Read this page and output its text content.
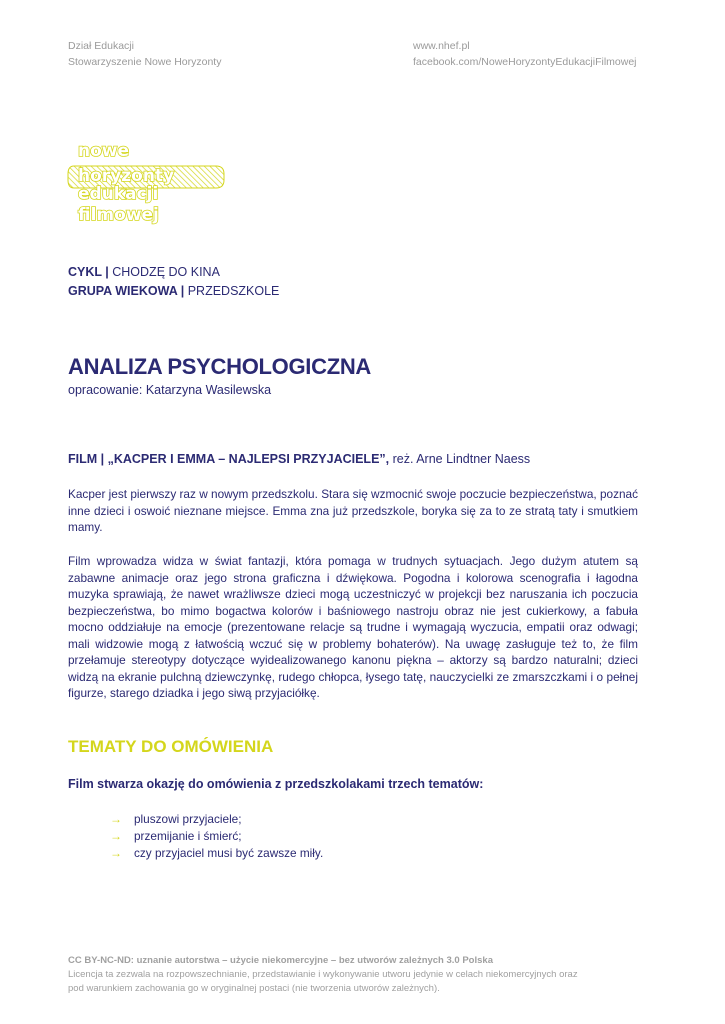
Dział Edukacji
Stowarzyszenie Nowe Horyzonty
www.nhef.pl
facebook.com/NoweHoryzontyEdukacjiFilmowej
nowe
horyzonty
edukacji
filmowej
CYKL | CHODZĘ DO KINA
GRUPA WIEKOWA | PRZEDSZKOLE
ANALIZA PSYCHOLOGICZNA
opracowanie: Katarzyna Wasilewska
FILM | „KACPER I EMMA – NAJLEPSI PRZYJACIELE”, reż. Arne Lindtner Naess
Kacper jest pierwszy raz w nowym przedszkolu. Stara się wzmocnić swoje poczucie bezpieczeństwa, poznać inne dzieci i oswoić nieznane miejsce. Emma zna już przedszkole, boryka się za to ze stratą taty i smutkiem mamy.
Film wprowadza widza w świat fantazji, która pomaga w trudnych sytuacjach. Jego dużym atutem są zabawne animacje oraz jego strona graficzna i dźwiękowa. Pogodna i kolorowa scenografia i łagodna muzyka sprawiają, że nawet wrażliwsze dzieci mogą uczestniczyć w projekcji bez naruszania ich poczucia bezpieczeństwa, bo mimo bogactwa kolorów i baśniowego nastroju obraz nie jest cukierkowy, a fabuła mocno oddziałuje na emocje (prezentowane relacje są trudne i wymagają wyczucia, empatii oraz odwagi; mali widzowie mogą z łatwością wczuć się w problemy bohaterów). Na uwagę zasługuje też to, że film przełamuje stereotypy dotyczące wyidealizowanego kanonu piękna – aktorzy są bardzo naturalni; dzieci widzą na ekranie pulchną dziewczynkę, rudego chłopca, łysego tatę, nauczycielki ze zmarszczkami i o pełnej figurze, starego dziadka i jego siwą przyjaciółkę.
TEMATY DO OMÓWIENIA
Film stwarza okazję do omówienia z przedszkolakami trzech tematów:
→	pluszowi przyjaciele;
→	przemijanie i śmierć;
→	czy przyjaciel musi być zawsze miły.
CC BY-NC-ND: uznanie autorstwa – użycie niekomercyjne – bez utworów zależnych 3.0 Polska
Licencja ta zezwala na rozpowszechnianie, przedstawianie i wykonywanie utworu jedynie w celach niekomercyjnych oraz
pod warunkiem zachowania go w oryginalnej postaci (nie tworzenia utworów zależnych).
